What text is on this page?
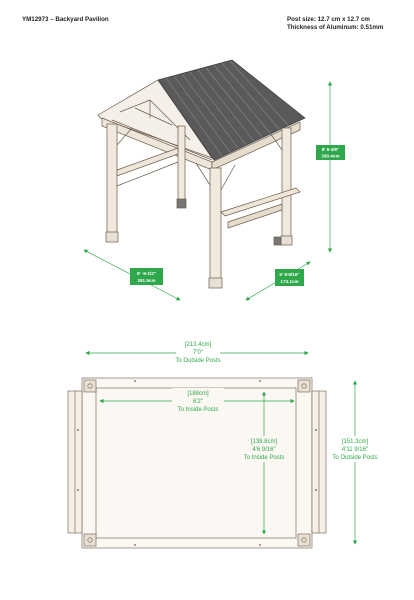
YM12973 – Backyard Pavilion	Post size: 12.7 cm x 12.7 cm
Thickness of Aluminum: 0.51mm
8' 6-3/8"
260.4cm
8' -6-1/2"
261.5cm
5' 8-9/16"
174.1cm
[213.4cm]
7'0"
To Outside Posts
[188cm]
6'2"
To Inside Posts
[138.8cm]
4'6 9/16"
To Inside Posts
[151.3cm]
4'11 9/16"
To Outside Posts
